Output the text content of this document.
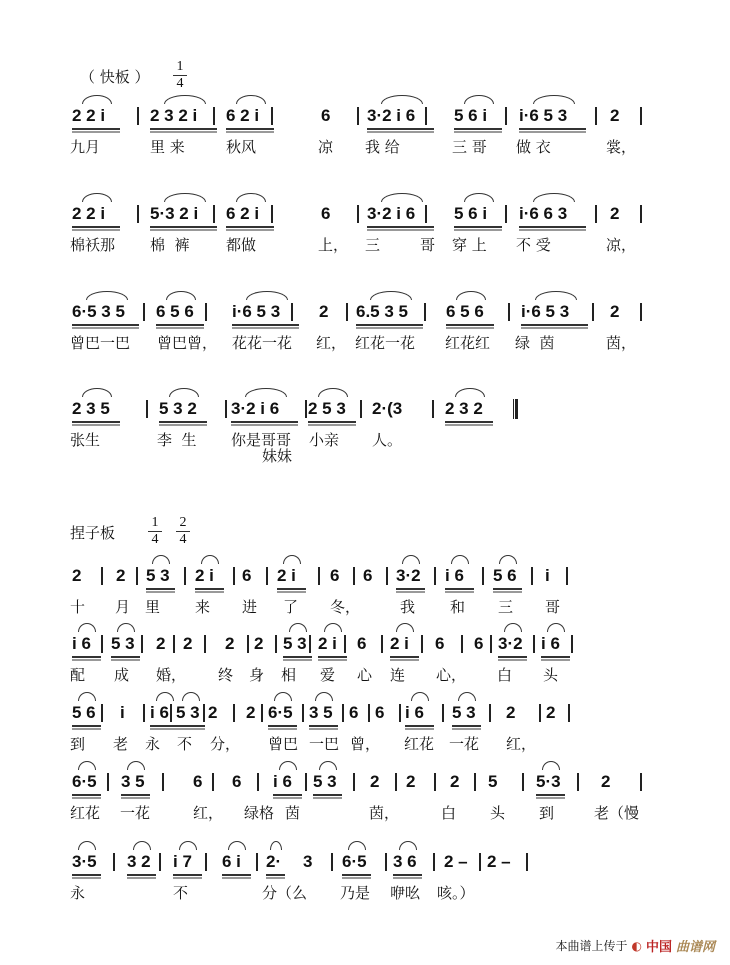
（ 快板 ） $\frac{1}{4}$
捏子板 $\frac{1}{4} \frac{2}{4}$
2 2 i	2 3 2 i 6 2 i	6 3·2 i 6 5 6 i i·6 5 3	2
九月	里 来	秋风	凉 我 给	三 哥 做 衣	裳，
2 2 i	5·3 2 i 6 2 i	6 3·2 i 6 5 6 i i·6 6 3	2
棉袄那 棉  裤 都做	上， 三	哥 穿 上 不 受	凉，
6·5 3 5 6 5 6 i·6 5 3 2 6.5 3 5 6 5 6 i·6 5 3 2
曾巴一巴 曾巴曾， 花花一花 红， 红花一花 红花红 绿  茵	茵，
2 3 5	5 3 2 3·2 i 6 2 5 3 2·(3	2 3 2
张生	李  生 你是哥哥 小亲 人。
妹妹
2 2 5 3 2 i 6 2 i 6 6 3·2 i 6 5 6 i
十 月 里 来 进 了 冬，	我 和 三 哥
i 6 5 3 2 2 2 2 5 3 2 i 6 2 i 6 6 3·2 i 6
配 成 婚， 终 身 相 爱 心 连 心， 白 头
5 6 i i 6 5 3 2 2 6·5 3 5 6 6 i 6 5 3 2 2
到 老 永 不 分， 曾巴 一巴 曾， 红花 一花 红，
6·5 3 5	6 6 i 6 5 3 2 2 2 5 5·3 2
红花 一花	红， 绿格 茵	茵，	白 头 到	老（慢
3·5 3 2 i 7 6 i 2· 3 6·5 3 6 2 – 2 –
永	不	分（么 乃是 咿吆 咳。）
本曲谱上传于 ◐ 中国 曲谱网
